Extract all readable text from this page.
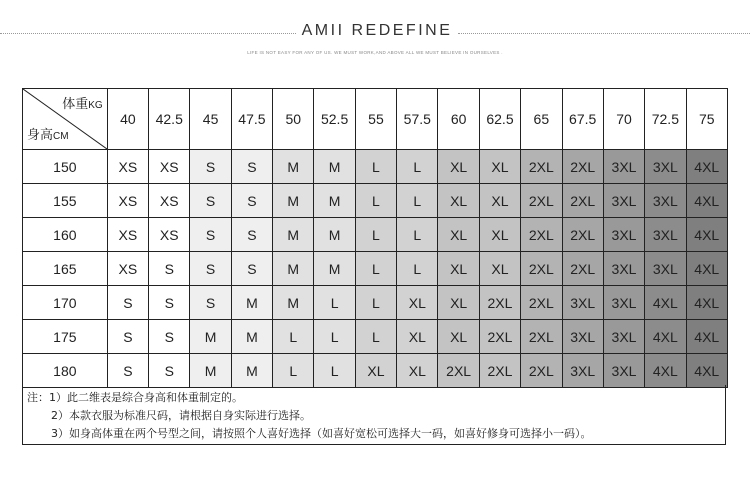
AMII REDEFINE
LIFE IS NOT EASY FOR ANY OF US. WE MUST WORK,AND ABOVE ALL WE MUST BELIEVE IN OURSELVES .
体重KG
身高CM	40	42.5	45	47.5	50	52.5	55	57.5	60	62.5	65	67.5	70	72.5	75
150	XS	XS	S	S	M	M	L	L	XL	XL	2XL	2XL	3XL	3XL	4XL
155	XS	XS	S	S	M	M	L	L	XL	XL	2XL	2XL	3XL	3XL	4XL
160	XS	XS	S	S	M	M	L	L	XL	XL	2XL	2XL	3XL	3XL	4XL
165	XS	S	S	S	M	M	L	L	XL	XL	2XL	2XL	3XL	3XL	4XL
170	S	S	S	M	M	L	L	XL	XL	2XL	2XL	3XL	3XL	4XL	4XL
175	S	S	M	M	L	L	L	XL	XL	2XL	2XL	3XL	3XL	4XL	4XL
180	S	S	M	M	L	L	XL	XL	2XL	2XL	2XL	3XL	3XL	4XL	4XL
注：1）此二维表是综合身高和体重制定的。
2）本款衣服为标准尺码，请根据自身实际进行选择。
3）如身高体重在两个号型之间，请按照个人喜好选择（如喜好宽松可选择大一码，如喜好修身可选择小一码）。
